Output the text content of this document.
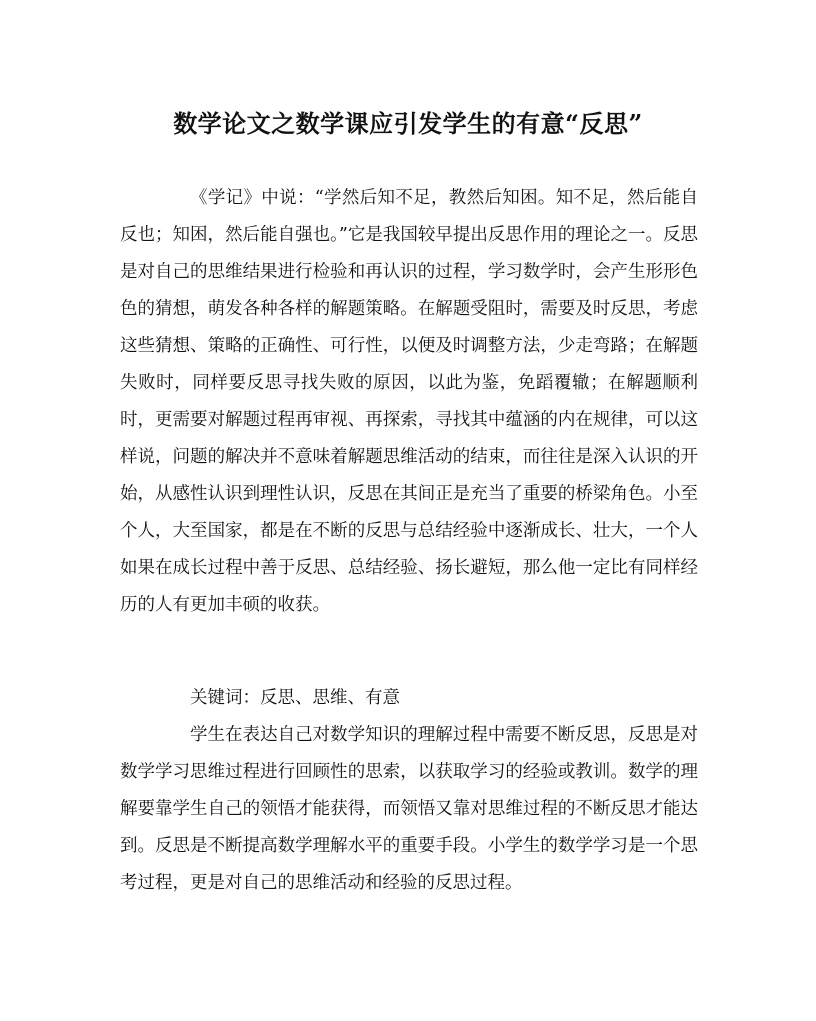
数学论文之数学课应引发学生的有意“反思”

《学记》中说：“学然后知不足，教然后知困。知不足，然后能自反也；知困，然后能自强也。”它是我国较早提出反思作用的理论之一。反思是对自己的思维结果进行检验和再认识的过程，学习数学时，会产生形形色色的猜想，萌发各种各样的解题策略。在解题受阻时，需要及时反思，考虑这些猜想、策略的正确性、可行性，以便及时调整方法，少走弯路；在解题失败时，同样要反思寻找失败的原因，以此为鉴，免蹈覆辙；在解题顺利时，更需要对解题过程再审视、再探索，寻找其中蕴涵的内在规律，可以这样说，问题的解决并不意味着解题思维活动的结束，而往往是深入认识的开始，从感性认识到理性认识，反思在其间正是充当了重要的桥梁角色。小至个人，大至国家，都是在不断的反思与总结经验中逐渐成长、壮大，一个人如果在成长过程中善于反思、总结经验、扬长避短，那么他一定比有同样经历的人有更加丰硕的收获。

关键词：反思、思维、有意

学生在表达自己对数学知识的理解过程中需要不断反思，反思是对数学学习思维过程进行回顾性的思索，以获取学习的经验或教训。数学的理解要靠学生自己的领悟才能获得，而领悟又靠对思维过程的不断反思才能达到。反思是不断提高数学理解水平的重要手段。小学生的数学学习是一个思考过程，更是对自己的思维活动和经验的反思过程。
